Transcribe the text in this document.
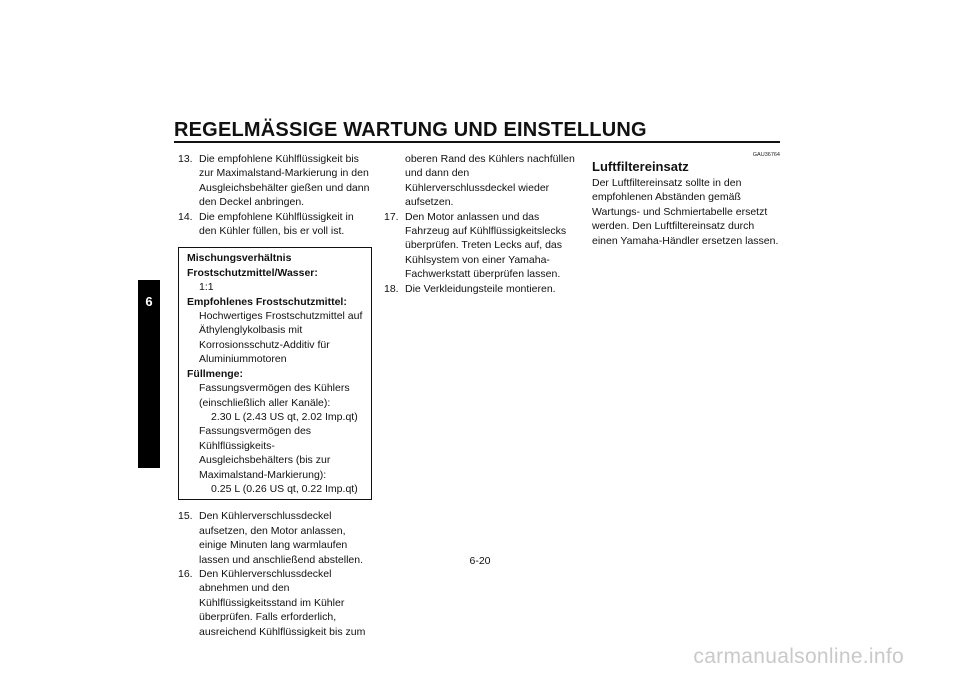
REGELMÄSSIGE WARTUNG UND EINSTELLUNG
6
13. Die empfohlene Kühlflüssigkeit bis zur Maximalstand-Markierung in den Ausgleichsbehälter gießen und dann den Deckel anbringen.
14. Die empfohlene Kühlflüssigkeit in den Kühler füllen, bis er voll ist.
Mischungsverhältnis Frostschutzmittel/Wasser:
1:1
Empfohlenes Frostschutzmittel:
Hochwertiges Frostschutzmittel auf Äthylenglykolbasis mit Korrosionsschutz-Additiv für Aluminiummotoren
Füllmenge:
Fassungsvermögen des Kühlers (einschließlich aller Kanäle):
2.30 L (2.43 US qt, 2.02 Imp.qt)
Fassungsvermögen des Kühlflüssigkeits-Ausgleichsbehälters (bis zur Maximalstand-Markierung):
0.25 L (0.26 US qt, 0.22 Imp.qt)
15. Den Kühlerverschlussdeckel aufsetzen, den Motor anlassen, einige Minuten lang warmlaufen lassen und anschließend abstellen.
16. Den Kühlerverschlussdeckel abnehmen und den Kühlflüssigkeitsstand im Kühler überprüfen. Falls erforderlich, ausreichend Kühlflüssigkeit bis zum
oberen Rand des Kühlers nachfüllen und dann den Kühlerverschlussdeckel wieder aufsetzen.
17. Den Motor anlassen und das Fahrzeug auf Kühlflüssigkeitslecks überprüfen. Treten Lecks auf, das Kühlsystem von einer Yamaha-Fachwerkstatt überprüfen lassen.
18. Die Verkleidungsteile montieren.
GAU36764
Luftfiltereinsatz

Der Luftfiltereinsatz sollte in den empfohlenen Abständen gemäß Wartungs- und Schmiertabelle ersetzt werden. Den Luftfiltereinsatz durch einen Yamaha-Händler ersetzen lassen.

6-20
carmanualsonline.info
